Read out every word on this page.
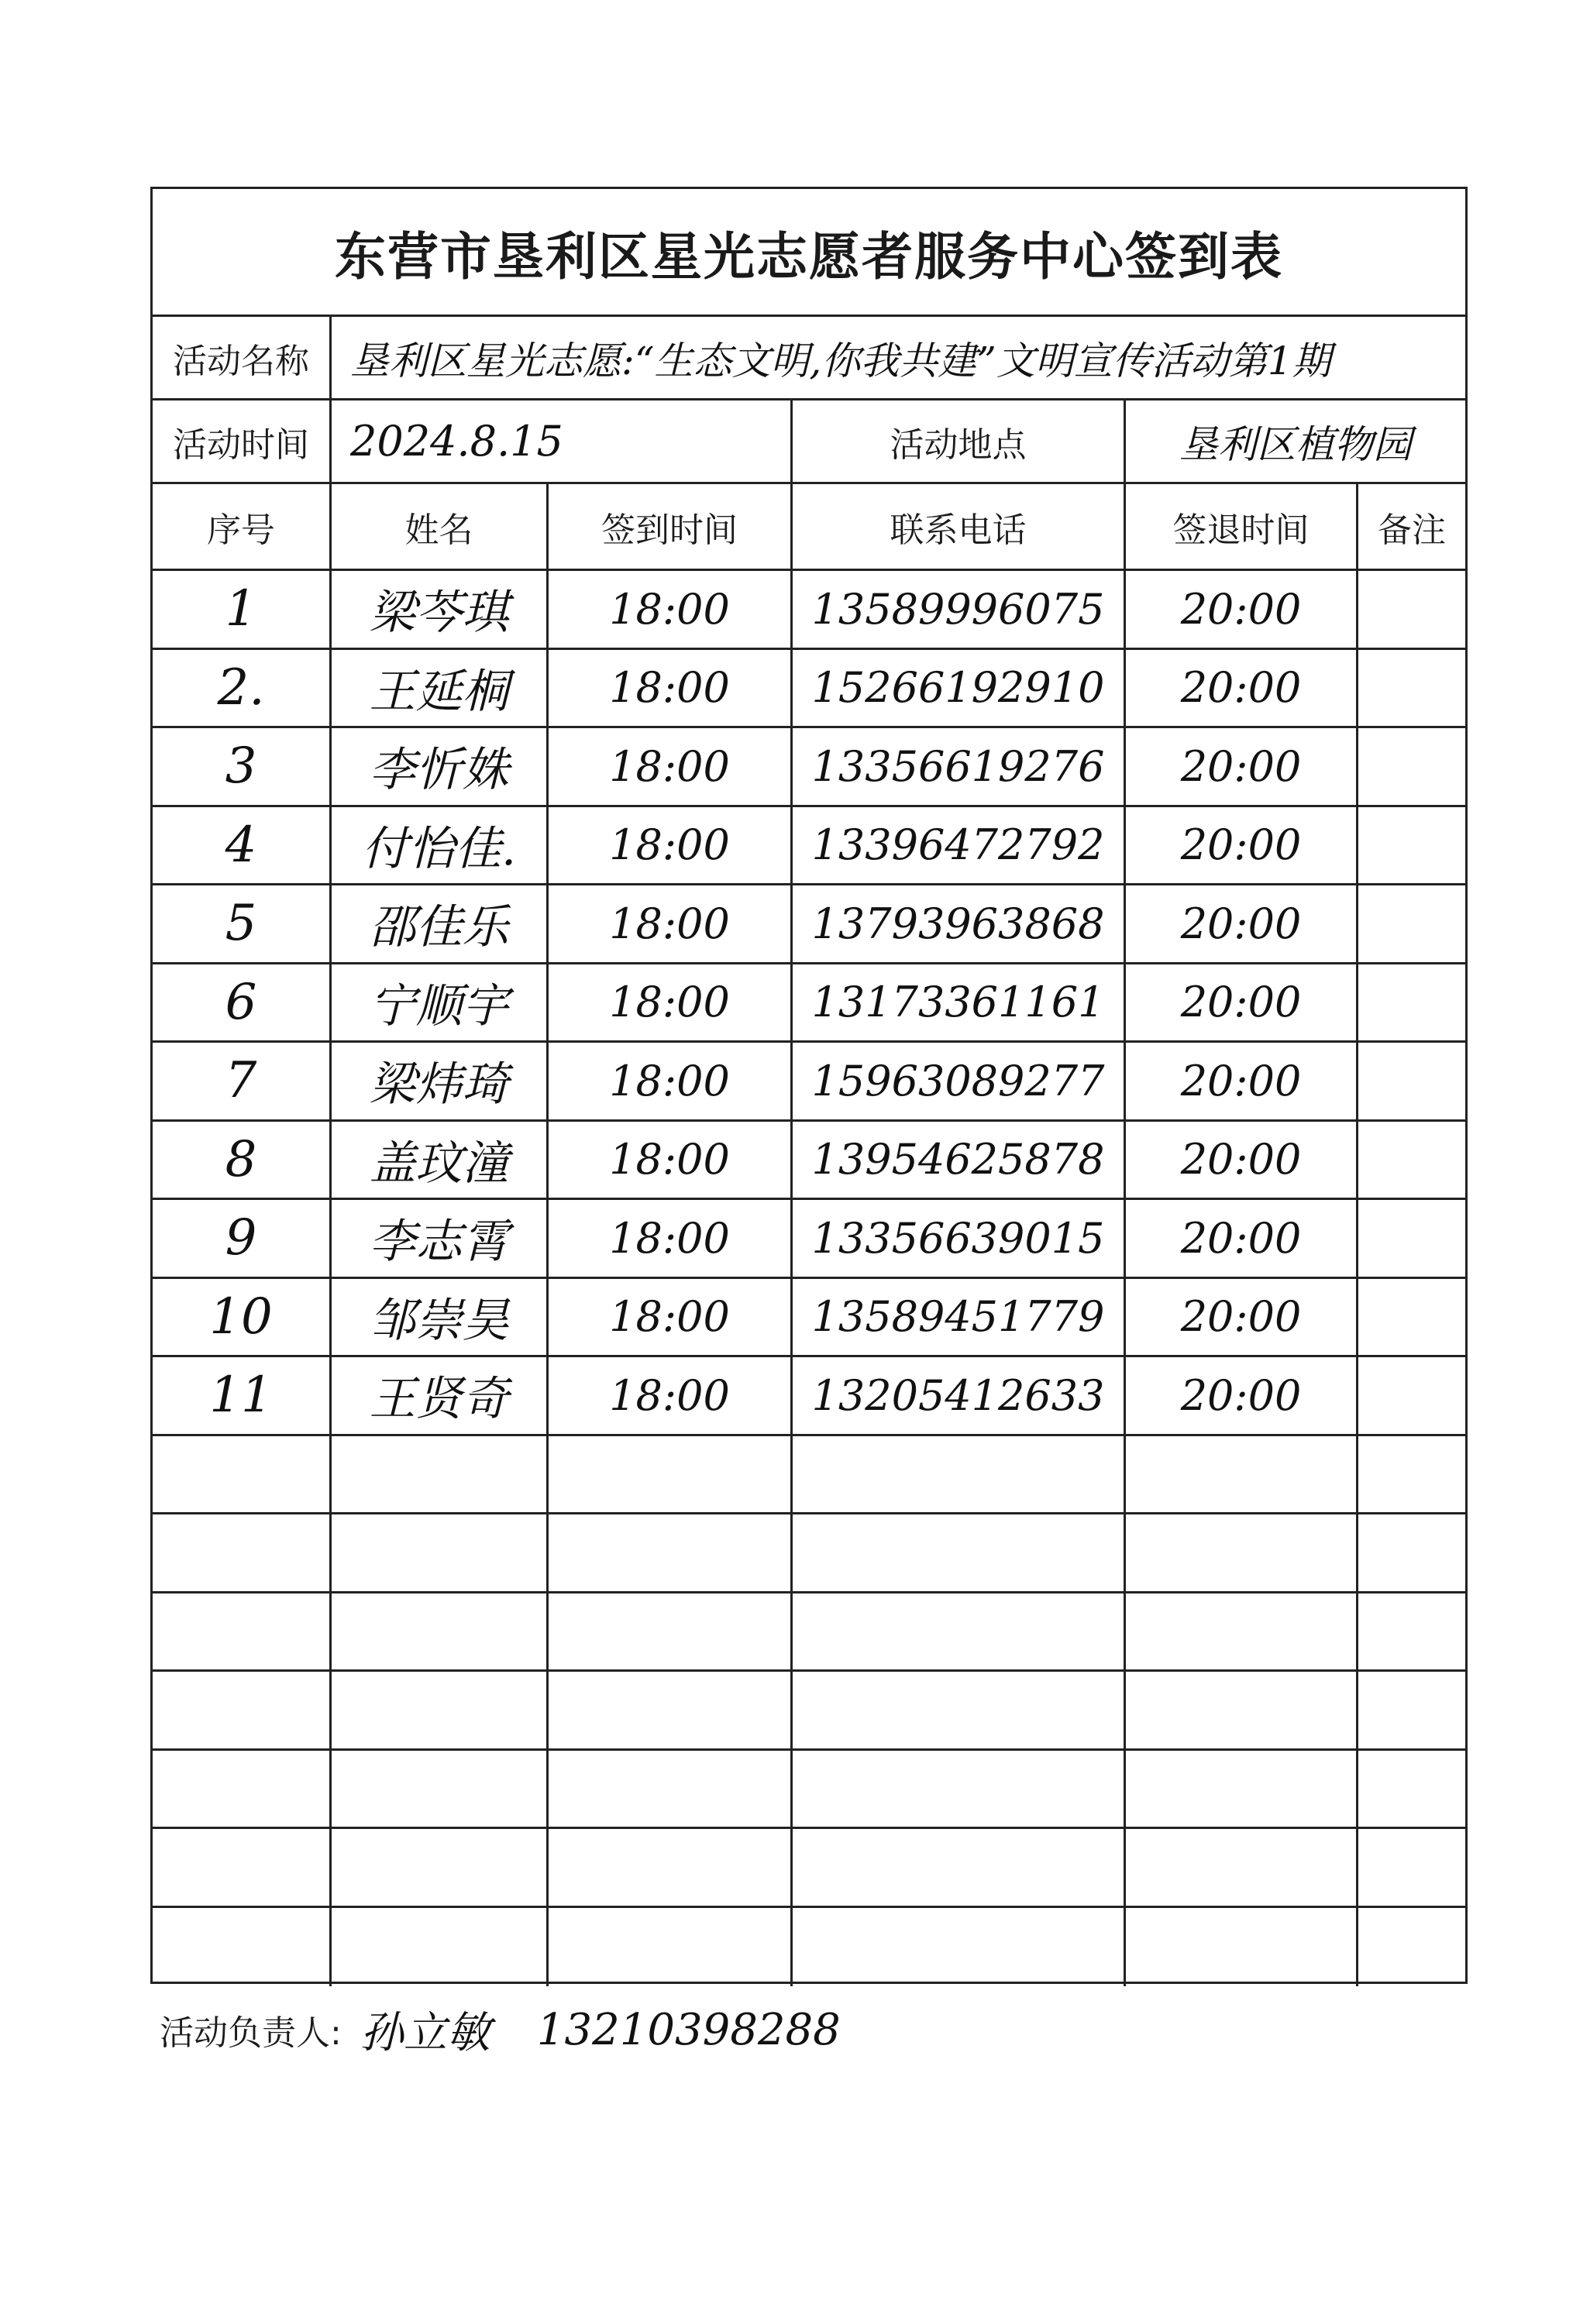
东营市垦利区星光志愿者服务中心签到表
活动名称	垦利区星光志愿:“生态文明,你我共建”文明宣传活动第1期
活动时间 2024.8.15	活动地点	垦利区植物园
序号	姓名	签到时间	联系电话	签退时间	备注
1	梁芩琪	18:00	13589996075	20:00
2.	王延桐	18:00	15266192910	20:00
3	李忻姝	18:00	13356619276	20:00
4	付怡佳.	18:00	13396472792	20:00
5	邵佳乐	18:00	13793963868	20:00
6	宁顺宇	18:00	13173361161	20:00
7	梁炜琦	18:00	15963089277	20:00
8	盖玟潼	18:00	13954625878	20:00
9	李志霄	18:00	13356639015	20:00
10	邹崇昊	18:00	13589451779	20:00
11	王贤奇	18:00	13205412633	20:00
活动负责人: 孙立敏 13210398288
